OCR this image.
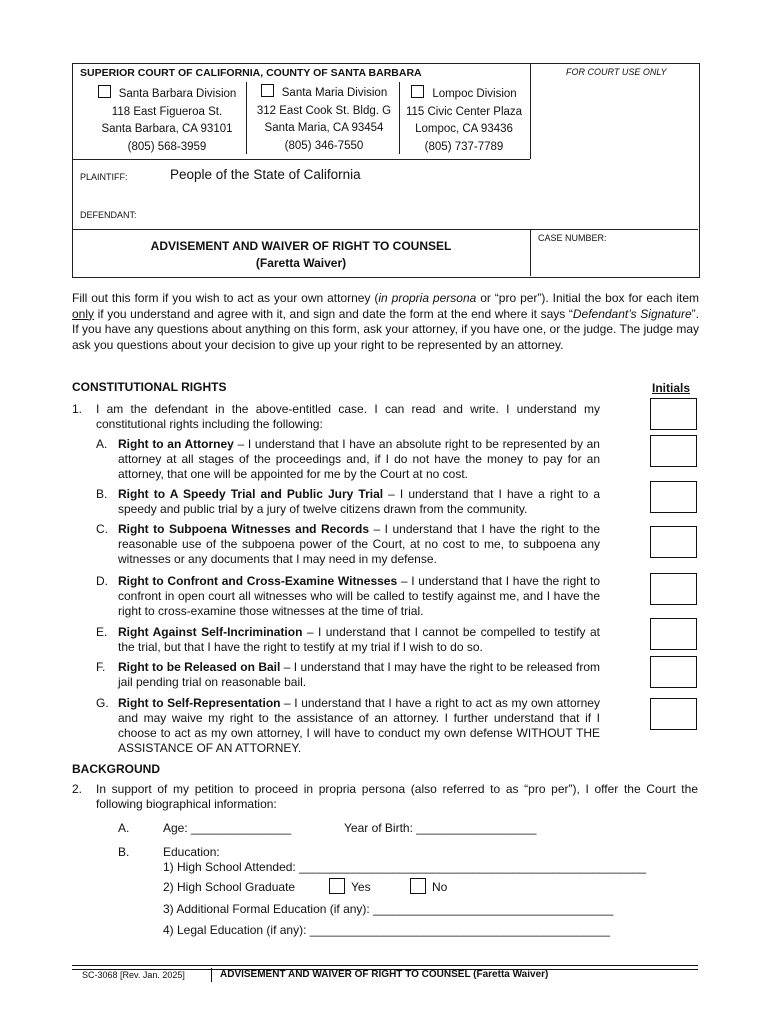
SUPERIOR COURT OF CALIFORNIA, COUNTY OF SANTA BARBARA	FOR COURT USE ONLY
Santa Barbara Division
118 East Figueroa St.
Santa Barbara, CA 93101
(805) 568-3959
Santa Maria Division
312 East Cook St. Bldg. G
Santa Maria, CA 93454
(805) 346-7550
Lompoc Division
115 Civic Center Plaza
Lompoc, CA 93436
(805) 737-7789
PLAINTIFF:	People of the State of California
DEFENDANT:
CASE NUMBER:
ADVISEMENT AND WAIVER OF RIGHT TO COUNSEL
(Faretta Waiver)
Fill out this form if you wish to act as your own attorney (in propria persona or “pro per”). Initial the box for each item only if you understand and agree with it, and sign and date the form at the end where it says “Defendant’s Signature”. If you have any questions about anything on this form, ask your attorney, if you have one, or the judge. The judge may ask you questions about your decision to give up your right to be represented by an attorney.
CONSTITUTIONAL RIGHTS	Initials
1. I am the defendant in the above-entitled case. I can read and write. I understand my constitutional rights including the following:
A. Right to an Attorney – I understand that I have an absolute right to be represented by an attorney at all stages of the proceedings and, if I do not have the money to pay for an attorney, that one will be appointed for me by the Court at no cost.
B. Right to A Speedy Trial and Public Jury Trial – I understand that I have a right to a speedy and public trial by a jury of twelve citizens drawn from the community.
C. Right to Subpoena Witnesses and Records – I understand that I have the right to the reasonable use of the subpoena power of the Court, at no cost to me, to subpoena any witnesses or any documents that I may need in my defense.
D. Right to Confront and Cross-Examine Witnesses – I understand that I have the right to confront in open court all witnesses who will be called to testify against me, and I have the right to cross-examine those witnesses at the time of trial.
E. Right Against Self-Incrimination – I understand that I cannot be compelled to testify at the trial, but that I have the right to testify at my trial if I wish to do so.
F. Right to be Released on Bail – I understand that I may have the right to be released from jail pending trial on reasonable bail.
G. Right to Self-Representation – I understand that I have a right to act as my own attorney and may waive my right to the assistance of an attorney. I further understand that if I choose to act as my own attorney, I will have to conduct my own defense WITHOUT THE ASSISTANCE OF AN ATTORNEY.
BACKGROUND
2. In support of my petition to proceed in propria persona (also referred to as “pro per”), I offer the Court the following biographical information:
A.	Age: _______________	Year of Birth: __________________
B.	Education:
1) High School Attended: ____________________________________________________
2) High School Graduate	Yes	No
3) Additional Formal Education (if any): ____________________________________
4) Legal Education (if any): _____________________________________________
SC-3068 [Rev. Jan. 2025]	ADVISEMENT AND WAIVER OF RIGHT TO COUNSEL (Faretta Waiver)
